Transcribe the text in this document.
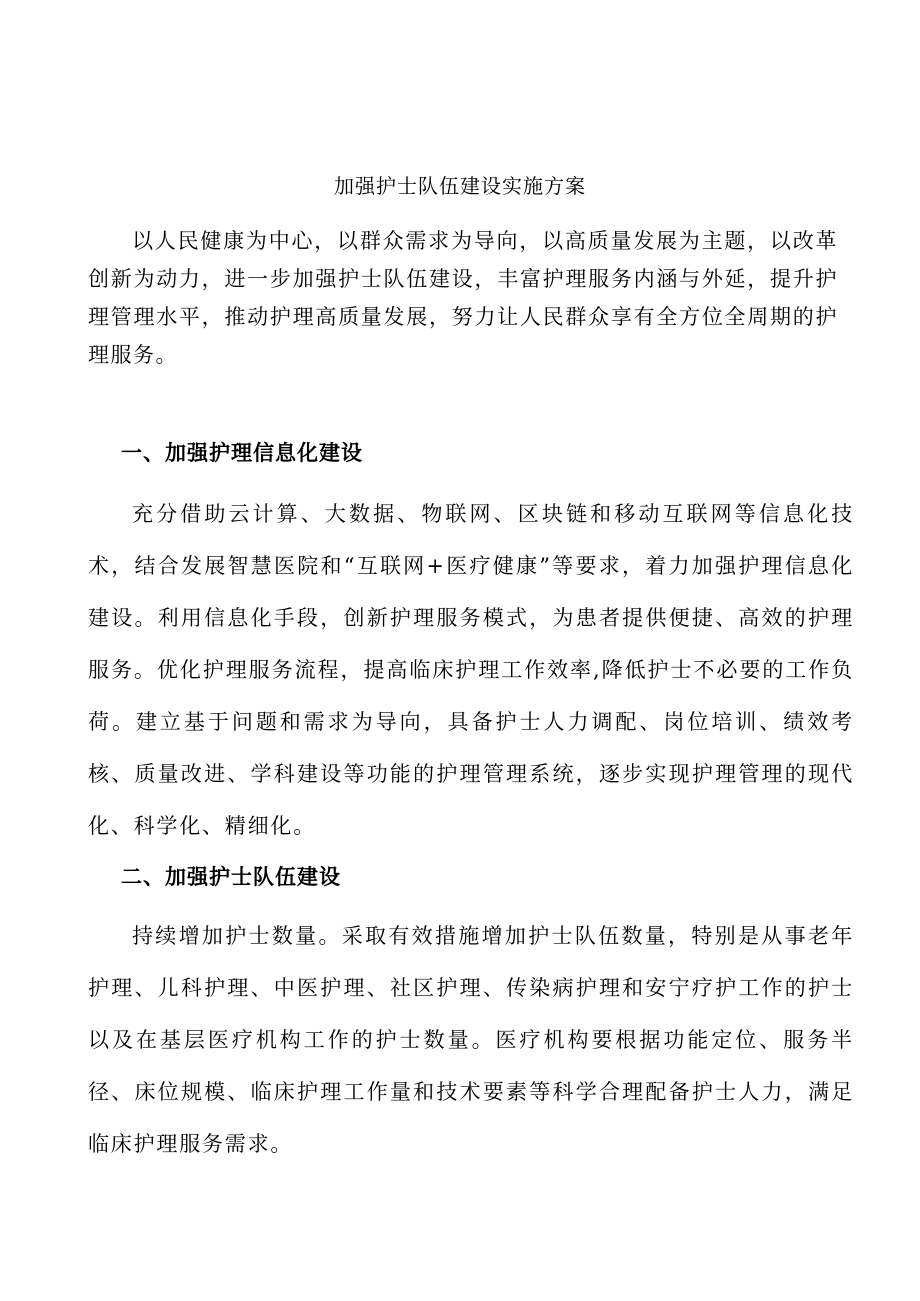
加强护士队伍建设实施方案

以人民健康为中心，以群众需求为导向，以高质量发展为主题，以改革创新为动力，进一步加强护士队伍建设，丰富护理服务内涵与外延，提升护理管理水平，推动护理高质量发展，努力让人民群众享有全方位全周期的护理服务。

一、加强护理信息化建设

充分借助云计算、大数据、物联网、区块链和移动互联网等信息化技术，结合发展智慧医院和“互联网+医疗健康”等要求，着力加强护理信息化建设。利用信息化手段，创新护理服务模式，为患者提供便捷、高效的护理服务。优化护理服务流程，提高临床护理工作效率,降低护士不必要的工作负荷。建立基于问题和需求为导向，具备护士人力调配、岗位培训、绩效考核、质量改进、学科建设等功能的护理管理系统，逐步实现护理管理的现代化、科学化、精细化。

二、加强护士队伍建设

持续增加护士数量。采取有效措施增加护士队伍数量，特别是从事老年护理、儿科护理、中医护理、社区护理、传染病护理和安宁疗护工作的护士以及在基层医疗机构工作的护士数量。医疗机构要根据功能定位、服务半径、床位规模、临床护理工作量和技术要素等科学合理配备护士人力，满足临床护理服务需求。
